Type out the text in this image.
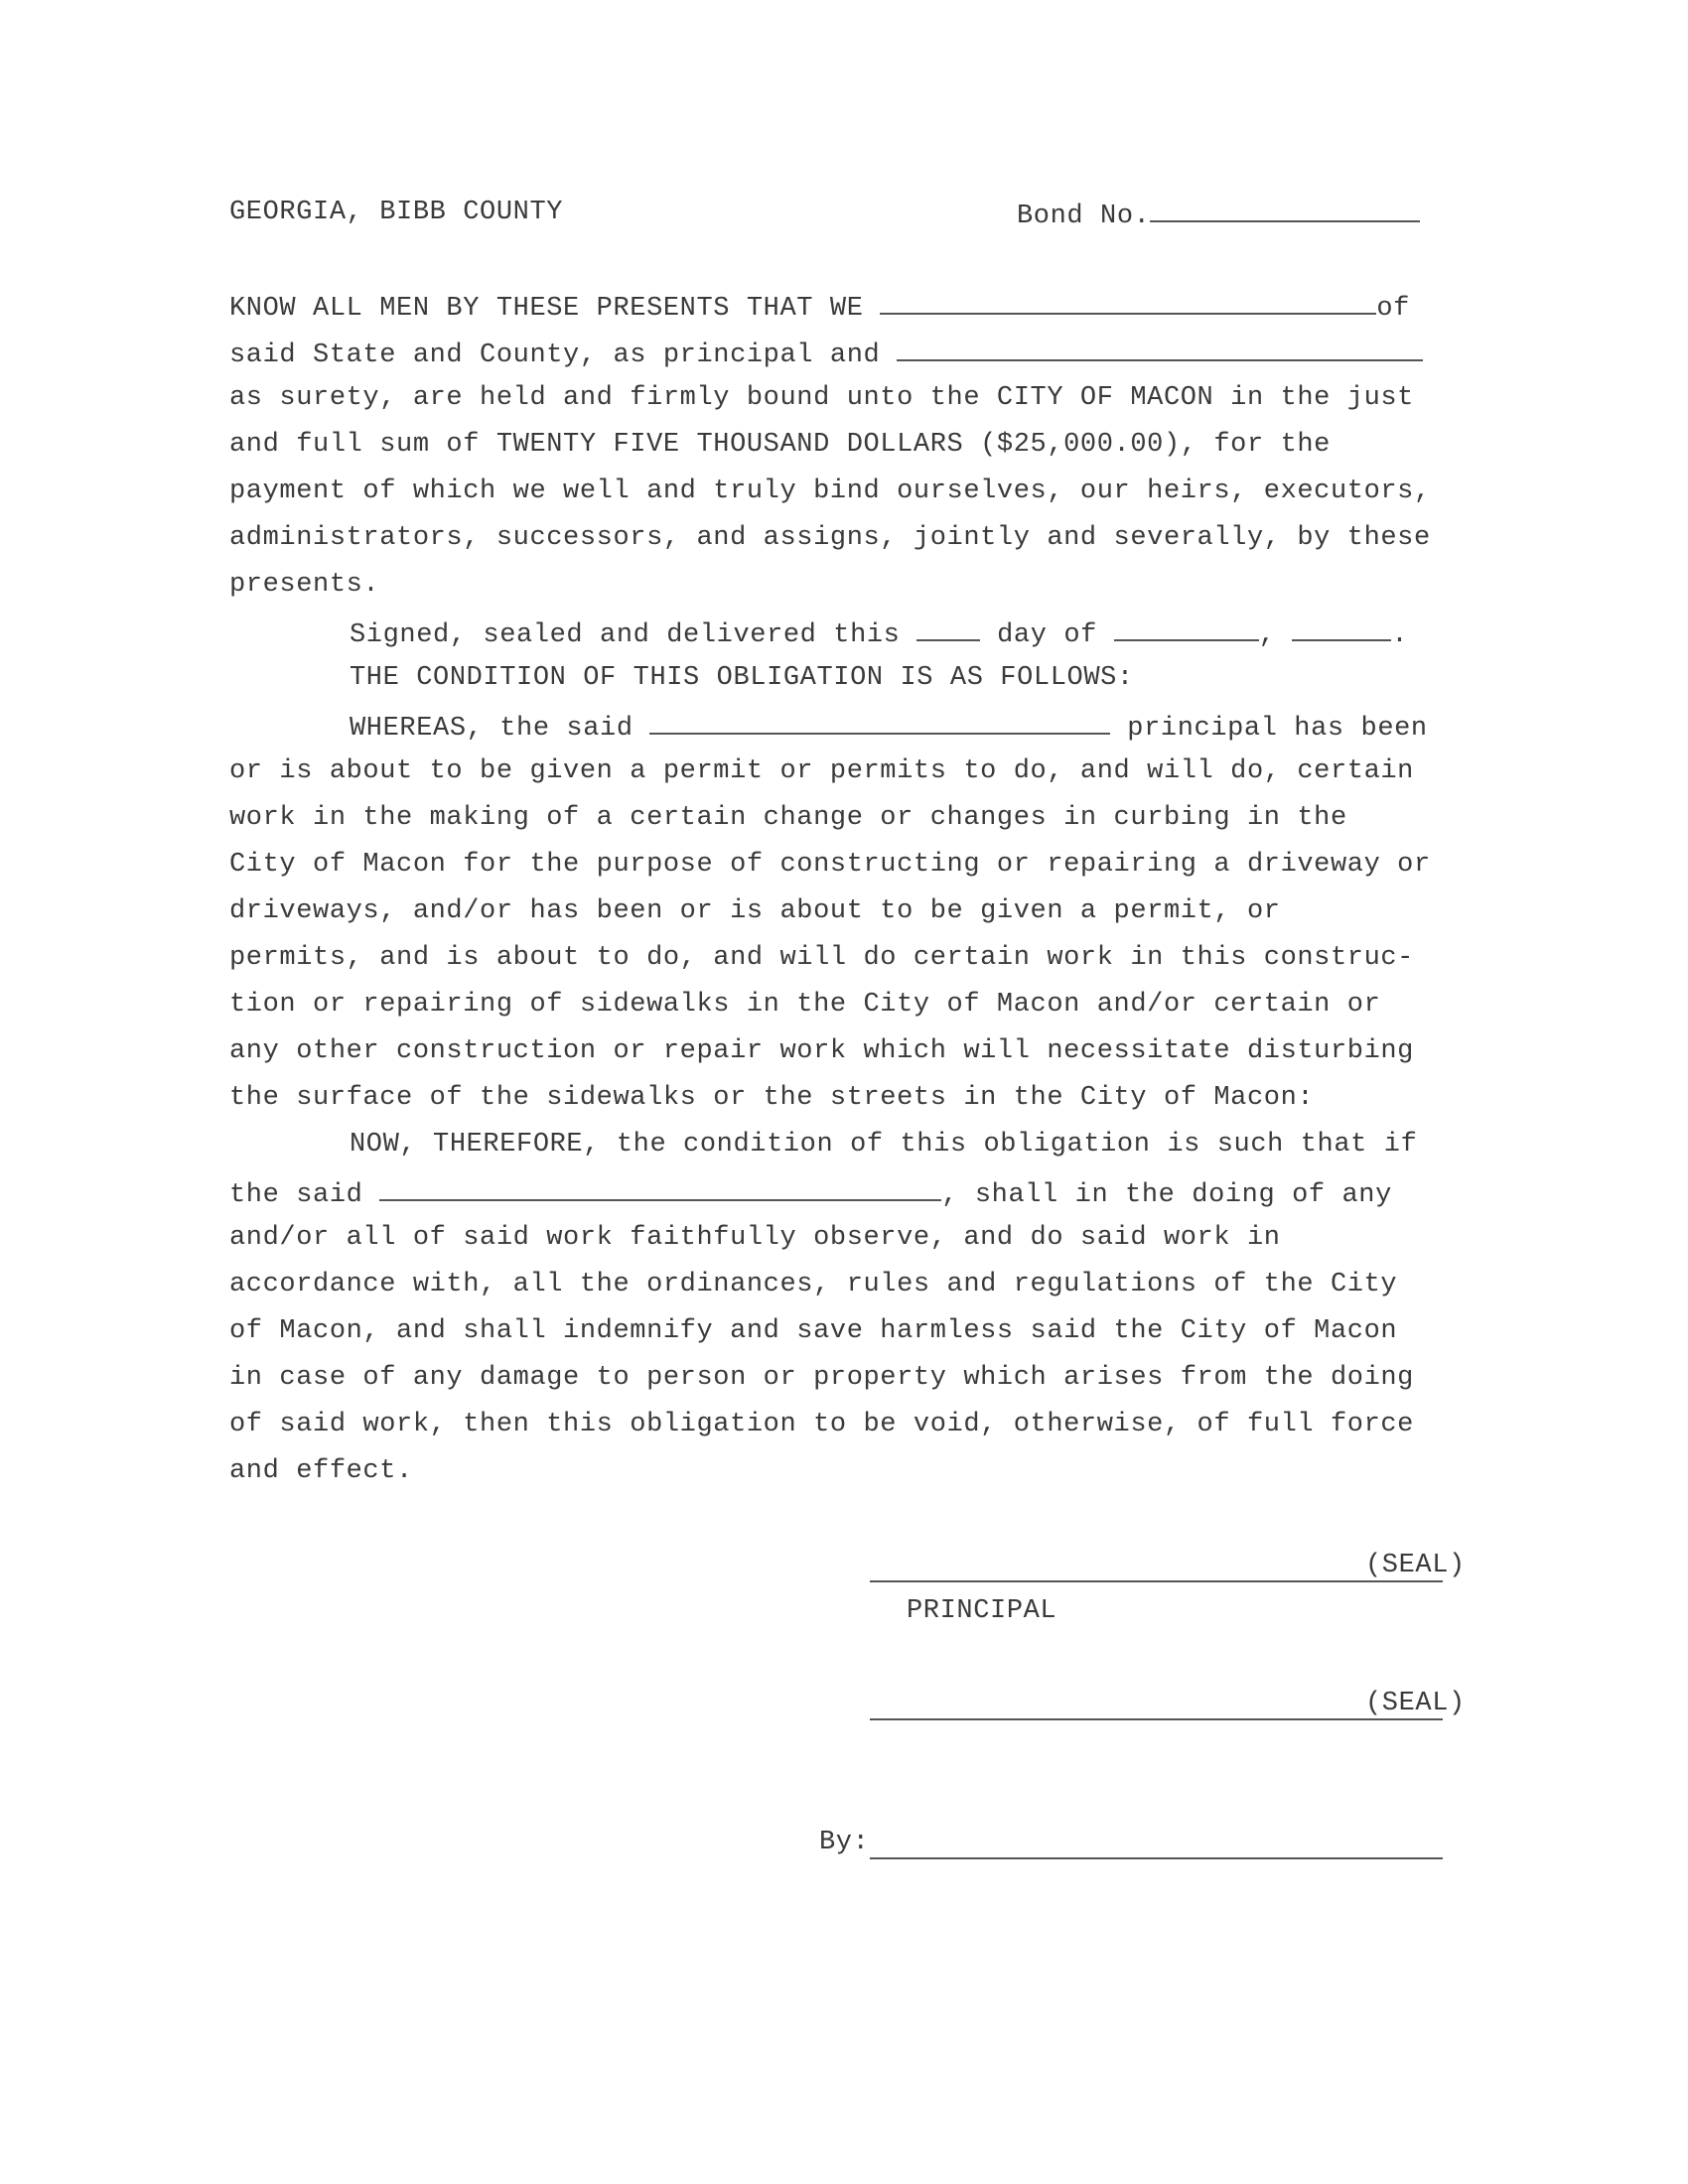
GEORGIA, BIBB COUNTY	Bond No.
KNOW ALL MEN BY THESE PRESENTS THAT WE	of
said State and County, as principal and
as surety, are held and firmly bound unto the CITY OF MACON in the just
and full sum of TWENTY FIVE THOUSAND DOLLARS ($25,000.00), for the
payment of which we well and truly bind ourselves, our heirs, executors,
administrators, successors, and assigns, jointly and severally, by these
presents.
Signed, sealed and delivered this	day of	,	.
THE CONDITION OF THIS OBLIGATION IS AS FOLLOWS:
WHEREAS, the said	principal has been
or is about to be given a permit or permits to do, and will do, certain
work in the making of a certain change or changes in curbing in the
City of Macon for the purpose of constructing or repairing a driveway or
driveways, and/or has been or is about to be given a permit, or
permits, and is about to do, and will do certain work in this construc-
tion or repairing of sidewalks in the City of Macon and/or certain or
any other construction or repair work which will necessitate disturbing
the surface of the sidewalks or the streets in the City of Macon:
NOW, THEREFORE, the condition of this obligation is such that if
the said	, shall in the doing of any
and/or all of said work faithfully observe, and do said work in
accordance with, all the ordinances, rules and regulations of the City
of Macon, and shall indemnify and save harmless said the City of Macon
in case of any damage to person or property which arises from the doing
of said work, then this obligation to be void, otherwise, of full force
and effect.
(SEAL)
PRINCIPAL
(SEAL)
By:
